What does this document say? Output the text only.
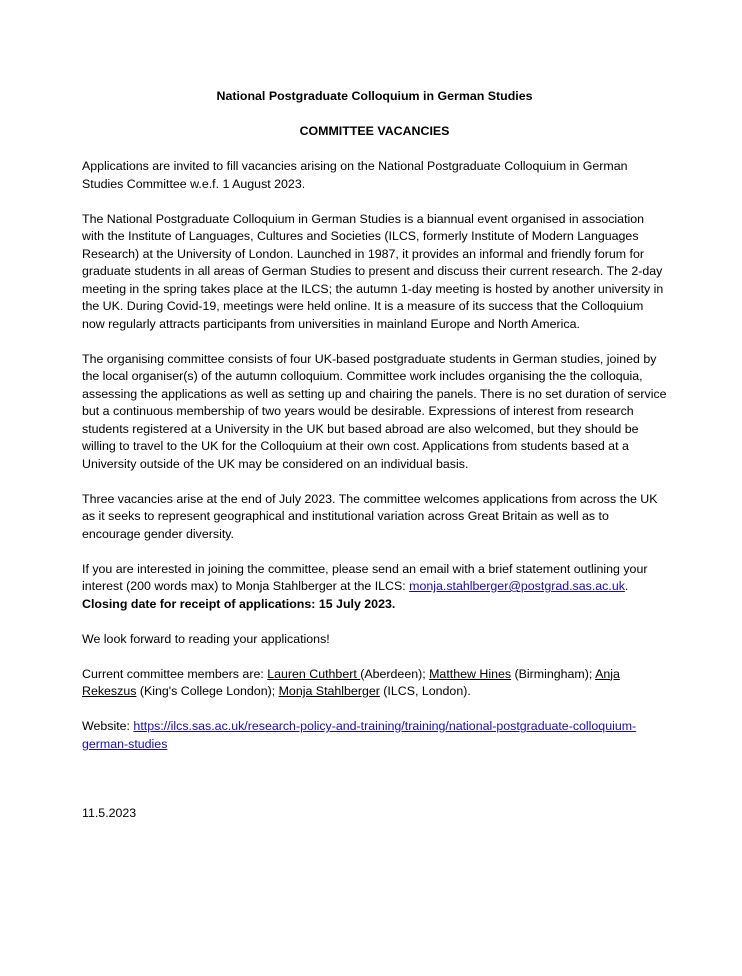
National Postgraduate Colloquium in German Studies
COMMITTEE VACANCIES

Applications are invited to fill vacancies arising on the National Postgraduate Colloquium in German Studies Committee w.e.f. 1 August 2023.

The National Postgraduate Colloquium in German Studies is a biannual event organised in association with the Institute of Languages, Cultures and Societies (ILCS, formerly Institute of Modern Languages Research) at the University of London. Launched in 1987, it provides an informal and friendly forum for graduate students in all areas of German Studies to present and discuss their current research. The 2-day meeting in the spring takes place at the ILCS; the autumn 1-day meeting is hosted by another university in the UK. During Covid-19, meetings were held online. It is a measure of its success that the Colloquium now regularly attracts participants from universities in mainland Europe and North America.

The organising committee consists of four UK-based postgraduate students in German studies, joined by the local organiser(s) of the autumn colloquium. Committee work includes organising the the colloquia, assessing the applications as well as setting up and chairing the panels. There is no set duration of service but a continuous membership of two years would be desirable. Expressions of interest from research students registered at a University in the UK but based abroad are also welcomed, but they should be willing to travel to the UK for the Colloquium at their own cost. Applications from students based at a University outside of the UK may be considered on an individual basis.

Three vacancies arise at the end of July 2023. The committee welcomes applications from across the UK as it seeks to represent geographical and institutional variation across Great Britain as well as to encourage gender diversity.

If you are interested in joining the committee, please send an email with a brief statement outlining your interest (200 words max) to Monja Stahlberger at the ILCS: monja.stahlberger@postgrad.sas.ac.uk. Closing date for receipt of applications: 15 July 2023.

We look forward to reading your applications!

Current committee members are: Lauren Cuthbert (Aberdeen); Matthew Hines (Birmingham); Anja Rekeszus (King's College London); Monja Stahlberger (ILCS, London).

Website: https://ilcs.sas.ac.uk/research-policy-and-training/training/national-postgraduate-colloquium-german-studies

11.5.2023
